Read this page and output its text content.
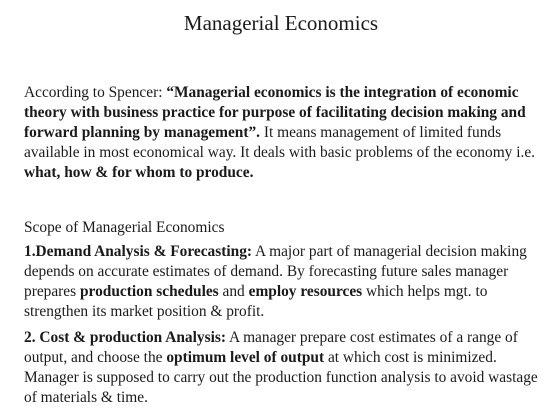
Managerial Economics

According to Spencer: “Managerial economics is the integration of economic theory with business practice for purpose of facilitating decision making and forward planning by management”. It means management of limited funds available in most economical way. It deals with basic problems of the economy i.e. what, how & for whom to produce.

Scope of Managerial Economics

1.Demand Analysis & Forecasting: A major part of managerial decision making depends on accurate estimates of demand. By forecasting future sales manager prepares production schedules and employ resources which helps mgt. to strengthen its market position & profit.

2. Cost & production Analysis: A manager prepare cost estimates of a range of output, and choose the optimum level of output at which cost is minimized. Manager is supposed to carry out the production function analysis to avoid wastage of materials & time.
